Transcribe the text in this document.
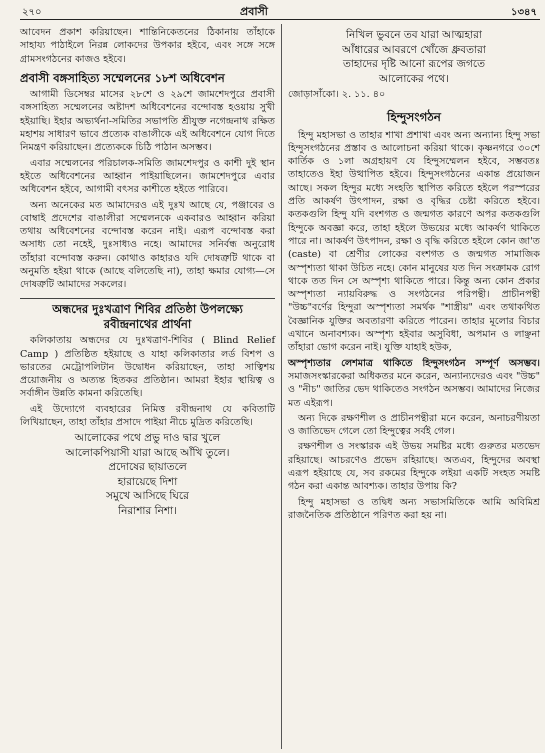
২৭০	প্রবাসী	১৩৪৭

আবেদন প্রকাশ করিয়াছেন। শান্তিনিকেতনের ঠিকানায় তাঁহাকে সাহায্য পাঠাইলে নিরন্ন লোকদের উপকার হইবে, এবং সঙ্গে সঙ্গে গ্রামসংগঠনের কাজও হইবে।

প্রবাসী বঙ্গসাহিত্য সম্মেলনের ১৮শ অধিবেশন

আগামী ডিসেম্বর মাসের ২৮শে ও ২৯শে জামশেদপুরে প্রবাসী বঙ্গসাহিত্য সম্মেলনের অষ্টাদশ অধিবেশনের বন্দোবস্ত হওয়ায় সুখী হইয়াছি। ইহার অভ্যর্থনা-সমিতির সভাপতি শ্রীযুক্ত নগেন্দ্রনাথ রক্ষিত মহাশয় সাধারণ ভাবে প্রত্যেক বাঙালীকে এই অধিবেশনে যোগ দিতে নিমন্ত্রণ করিয়াছেন। প্রত্যেককে চিঠি পাঠান অসম্ভব।

এবার সম্মেলনের পরিচালক-সমিতি জামশেদপুর ও কাশী দুই স্থান হইতে অধিবেশনের আহ্বান পাইয়াছিলেন। জামশেদপুরে এবার অধিবেশন হইবে, আগামী বৎসর কাশীতে হইতে পারিবে।

অন্য অনেকের মত আমাদেরও এই দুঃখ আছে যে, পঞ্জাবের ও বোম্বাই প্রদেশের বাঙালীরা সম্মেলনকে একবারও আহ্বান করিয়া তথায় অধিবেশনের বন্দোবস্ত করেন নাই। এরূপ বন্দোবস্ত করা অসাধ্য তো নহেই, দুঃসাধ্যও নহে। আমাদের সনির্বন্ধ অনুরোধ তাঁহারা বন্দোবস্ত করুন। কোথাও কাহারও যদি দোষত্রুটি থাকে বা অনুমতি হইয়া থাকে (আছে বলিতেছি না), তাহা ক্ষমার যোগ্য—সে দোষত্রুটি আমাদের সকলের।

অন্ধদের দুঃখত্রাণ শিবির প্রতিষ্ঠা উপলক্ষ্যে
রবীন্দ্রনাথের প্রার্থনা

কলিকাতায় অন্ধদের যে দুঃখত্রাণ-শিবির ( Blind Relief Camp ) প্রতিষ্ঠিত হইয়াছে ও যাহা কলিকাতার লর্ড বিশপ ও ভারতের মেট্রোপলিটান উদ্বোধন করিয়াছেন, তাহা সাত্বিশয় প্রয়োজনীয় ও অত্যন্ত হিতকর প্রতিষ্ঠান। আমরা ইহার স্থায়িত্ব ও সর্বাঙ্গীন উন্নতি কামনা করিতেছি।

এই উদ্যোগে ব্যবহারের নিমিত্ত রবীন্দ্রনাথ যে কবিতাটি লিখিয়াছেন, তাহা তাঁহার প্রসাদে পাইয়া নীচে মুদ্রিত করিতেছি।

আলোকের পথে প্রভু দাও দ্বার খুলে
আলোকপিয়াসী যারা আছে আঁখি তুলে।
প্রদোষের ছায়াতলে
হারায়েছে দিশা
সমুখে আসিছে ঘিরে
নিরাশার নিশা।
নিখিল ভুবনে তব যারা আত্মহারা
আঁধারের আবরণে খোঁজে ধ্রুবতারা
তাহাদের দৃষ্টি আনো রূপের জগতে
আলোকের পথে।
জোড়াসাঁকো। ২. ১১. ৪০
হিন্দুসংগঠন

হিন্দু মহাসভা ও তাহার শাখা প্রশাখা এবং অন্য অন্যান্য হিন্দু সভা হিন্দুসংগঠনের প্রস্তাব ও আলোচনা করিয়া থাকে। কৃষ্ণনগরে ৩০শে কার্তিক ও ১লা অগ্রহায়ণ যে হিন্দুসম্মেলন হইবে, সম্ভবতঃ তাহাতেও ইহা উত্থাপিত হইবে। হিন্দুসংগঠনের একান্ত প্রয়োজন আছে। সকল হিন্দুর মধ্যে সংহতি স্থাপিত করিতে হইলে পরস্পরের প্রতি আকর্ষণ উৎপাদন, রক্ষা ও বৃদ্ধির চেষ্টা করিতে হইবে। কতকগুলি হিন্দু যদি বংশগত ও জন্মগত কারণে অপর কতকগুলি হিন্দুকে অবজ্ঞা করে, তাহা হইলে উভয়ের মধ্যে আকর্ষণ থাকিতে পারে না। আকর্ষণ উৎপাদন, রক্ষা ও বৃদ্ধি করিতে হইলে কোন জা'ত (caste) বা শ্রেণীর লোকের বংশগত ও জন্মগত সামাজিক অস্পৃশ্যতা থাকা উচিত নহে। কোন মানুষের যত দিন সংক্রামক রোগ থাকে তত দিন সে অস্পৃশ্য থাকিতে পারে। কিন্তু অন্য কোন প্রকার অস্পৃশ্যতা ন্যায়বিরুদ্ধ ও সংগঠনের পরিপন্থী। প্রাচীনপন্থী "উচ্চ"বর্ণের হিন্দুরা অস্পৃশ্যতা সমর্থক "শাস্ত্রীয়" এবং তথাকথিত বৈজ্ঞানিক যুক্তির অবতারণা করিতে পারেন। তাহার মূলোর বিচার এখানে অনাবশ্যক। অস্পৃশ্য হইবার অসুবিধা, অপমান ও লাঞ্ছনা তাঁহারা ভোগ করেন নাই। যুক্তি যাহাই হউক,

অস্পৃশ্যতার লেশমাত্র থাকিতে হিন্দুসংগঠন সম্পূর্ণ অসম্ভব। সমাজসংস্কারকেরা অধিকতর মনে করেন, অন্যান্যদেরও এবং "উচ্চ" ও "নীচ" জাতির ভেদ থাকিতেও সংগঠন অসম্ভব। আমাদের নিজের মত এইরূপ।

অন্য দিকে রক্ষণশীল ও প্রাচীনপন্থীরা মনে করেন, অনাচরণীয়তা ও জাতিভেদ গেলে তো হিন্দুত্বের সর্বই গেল।

রক্ষণশীল ও সংস্কারক এই উভয় সমষ্টির মধ্যে গুরুতর মতভেদ রহিয়াছে। আচরণেও প্রভেদ রহিয়াছে। অতএব, হিন্দুদের অবস্থা এরূপ হইয়াছে যে, সব রকমের হিন্দুকে লইয়া একটি সংহত সমষ্টি গঠন করা একান্ত আবশ্যক। তাহার উপায় কি?

হিন্দু মহাসভা ও তদ্বিধ অন্য সভাসমিতিকে আমি অবিমিশ্র রাজনৈতিক প্রতিষ্ঠানে পরিণত করা হয় না।
